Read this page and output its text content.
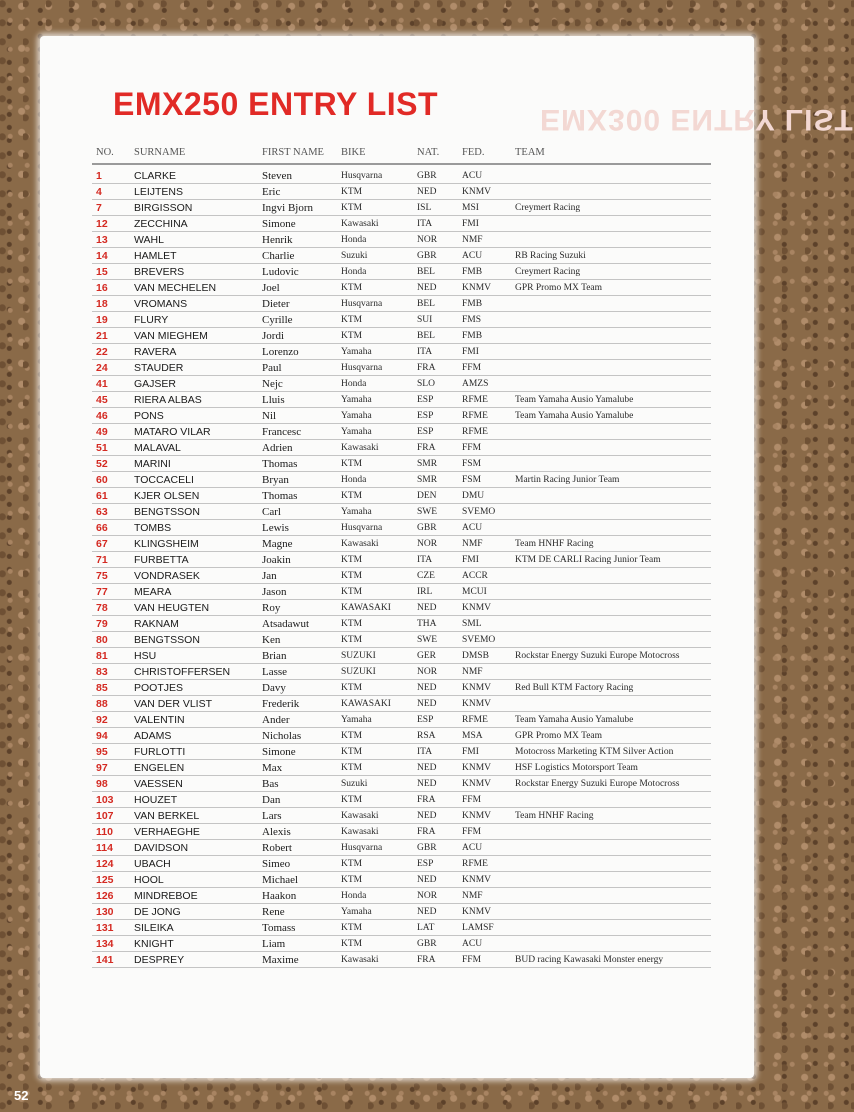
EMX300 ENTRY LIST
EMX250 ENTRY LIST
NO.	SURNAME	FIRST NAME	BIKE	NAT.	FED.	TEAM
1	CLARKE	Steven	Husqvarna	GBR	ACU
4	LEIJTENS	Eric	KTM	NED	KNMV
7	BIRGISSON	Ingvi Bjorn	KTM	ISL	MSI	Creymert Racing
12	ZECCHINA	Simone	Kawasaki	ITA	FMI
13	WAHL	Henrik	Honda	NOR	NMF
14	HAMLET	Charlie	Suzuki	GBR	ACU	RB Racing Suzuki
15	BREVERS	Ludovic	Honda	BEL	FMB	Creymert Racing
16	VAN MECHELEN	Joel	KTM	NED	KNMV	GPR Promo MX Team
18	VROMANS	Dieter	Husqvarna	BEL	FMB
19	FLURY	Cyrille	KTM	SUI	FMS
21	VAN MIEGHEM	Jordi	KTM	BEL	FMB
22	RAVERA	Lorenzo	Yamaha	ITA	FMI
24	STAUDER	Paul	Husqvarna	FRA	FFM
41	GAJSER	Nejc	Honda	SLO	AMZS
45	RIERA ALBAS	Lluis	Yamaha	ESP	RFME	Team Yamaha Ausio Yamalube
46	PONS	Nil	Yamaha	ESP	RFME	Team Yamaha Ausio Yamalube
49	MATARO VILAR	Francesc	Yamaha	ESP	RFME
51	MALAVAL	Adrien	Kawasaki	FRA	FFM
52	MARINI	Thomas	KTM	SMR	FSM
60	TOCCACELI	Bryan	Honda	SMR	FSM	Martin Racing Junior Team
61	KJER OLSEN	Thomas	KTM	DEN	DMU
63	BENGTSSON	Carl	Yamaha	SWE	SVEMO
66	TOMBS	Lewis	Husqvarna	GBR	ACU
67	KLINGSHEIM	Magne	Kawasaki	NOR	NMF	Team HNHF Racing
71	FURBETTA	Joakin	KTM	ITA	FMI	KTM DE CARLI Racing Junior Team
75	VONDRASEK	Jan	KTM	CZE	ACCR
77	MEARA	Jason	KTM	IRL	MCUI
78	VAN HEUGTEN	Roy	KAWASAKI	NED	KNMV
79	RAKNAM	Atsadawut	KTM	THA	SML
80	BENGTSSON	Ken	KTM	SWE	SVEMO
81	HSU	Brian	SUZUKI	GER	DMSB	Rockstar Energy Suzuki Europe Motocross
83	CHRISTOFFERSEN	Lasse	SUZUKI	NOR	NMF
85	POOTJES	Davy	KTM	NED	KNMV	Red Bull KTM Factory Racing
88	VAN DER VLIST	Frederik	KAWASAKI	NED	KNMV
92	VALENTIN	Ander	Yamaha	ESP	RFME	Team Yamaha Ausio Yamalube
94	ADAMS	Nicholas	KTM	RSA	MSA	GPR Promo MX Team
95	FURLOTTI	Simone	KTM	ITA	FMI	Motocross Marketing KTM Silver Action
97	ENGELEN	Max	KTM	NED	KNMV	HSF Logistics Motorsport Team
98	VAESSEN	Bas	Suzuki	NED	KNMV	Rockstar Energy Suzuki Europe Motocross
103	HOUZET	Dan	KTM	FRA	FFM
107	VAN BERKEL	Lars	Kawasaki	NED	KNMV	Team HNHF Racing
110	VERHAEGHE	Alexis	Kawasaki	FRA	FFM
114	DAVIDSON	Robert	Husqvarna	GBR	ACU
124	UBACH	Simeo	KTM	ESP	RFME
125	HOOL	Michael	KTM	NED	KNMV
126	MINDREBOE	Haakon	Honda	NOR	NMF
130	DE JONG	Rene	Yamaha	NED	KNMV
131	SILEIKA	Tomass	KTM	LAT	LAMSF
134	KNIGHT	Liam	KTM	GBR	ACU
141	DESPREY	Maxime	Kawasaki	FRA	FFM	BUD racing Kawasaki Monster energy
52
